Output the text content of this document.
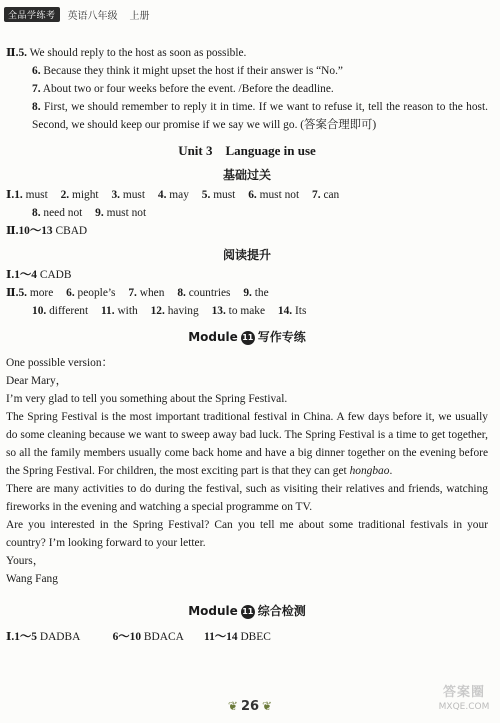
全品学练考	英语八年级 上册
Ⅱ.5. We should reply to the host as soon as possible.
6. Because they think it might upset the host if their answer is “No.”
7. About two or four weeks before the event. /Before the deadline.
8. First, we should remember to reply it in time. If we want to refuse it, tell the reason to the host. Second, we should keep our promise if we say we will go. (答案合理即可)
Unit 3　Language in use
基础过关
Ⅰ.1. must 2. might 3. must 4. may 5. must 6. must not 7. can
8. need not 9. must not
Ⅱ.10～13 CBAD
阅读提升
Ⅰ.1～4 CADB
Ⅱ.5. more 6. people’s 7. when 8. countries 9. the
10. different 11. with 12. having 13. to make 14. Its
Module 11 写作专练
One possible version：
Dear Mary，
I’m very glad to tell you something about the Spring Festival.
The Spring Festival is the most important traditional festival in China. A few days before it, we usually do some cleaning because we want to sweep away bad luck. The Spring Festival is a time to get together, so all the family members usually come back home and have a big dinner together on the evening before the Spring Festival. For children, the most exciting part is that they can get hongbao.
There are many activities to do during the festival, such as visiting their relatives and friends, watching fireworks in the evening and watching a special programme on TV.
Are you interested in the Spring Festival? Can you tell me about some traditional festivals in your country? I’m looking forward to your letter.
Yours，
Wang Fang
Module 11 综合检测
Ⅰ.1～5 DADBA	6～10 BDACA 11～14 DBEC
❦ 26 ❦
答案圈
MXQE.COM
